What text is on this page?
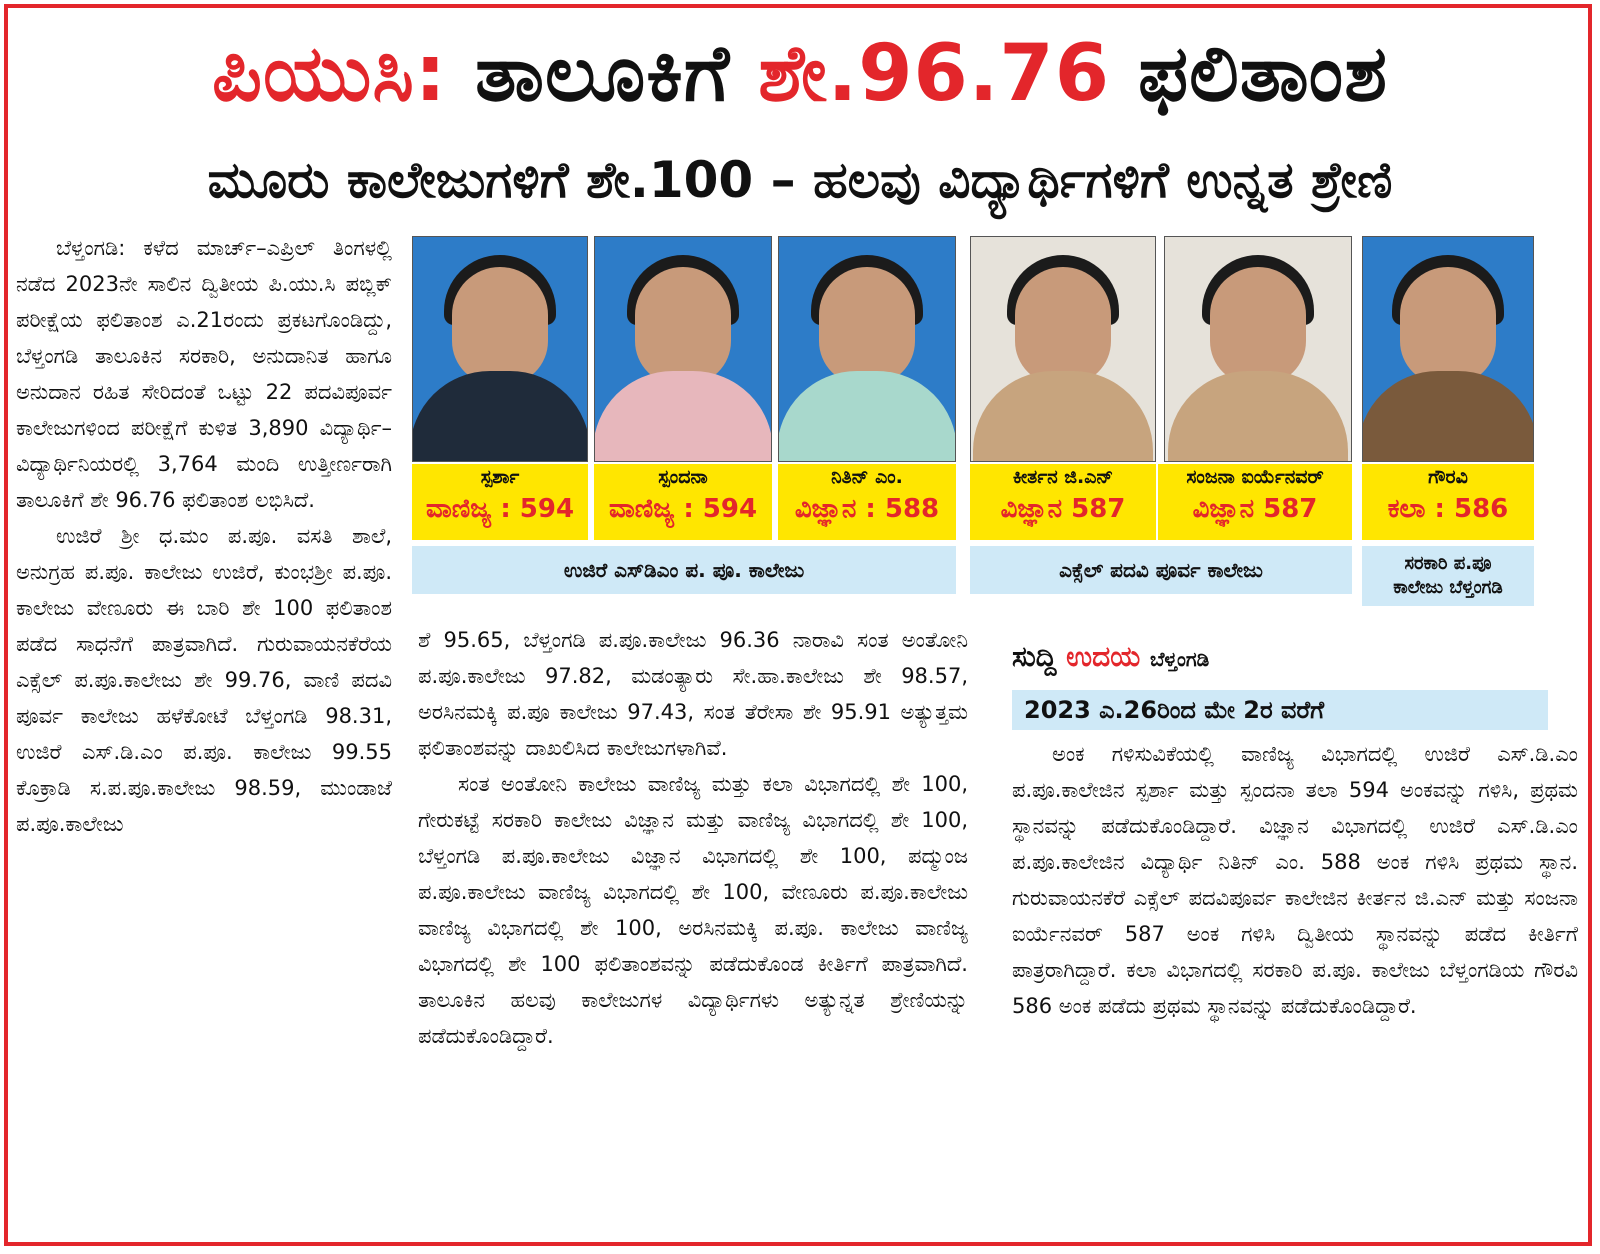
ಪಿಯುಸಿ:
ತಾಲೂಕಿಗೆ
ಶೇ.96.76
ಫಲಿತಾಂಶ
ಮೂರು ಕಾಲೇಜುಗಳಿಗೆ ಶೇ.100 – ಹಲವು ವಿದ್ಯಾರ್ಥಿಗಳಿಗೆ ಉನ್ನತ ಶ್ರೇಣಿ

ಬೆಳ್ತಂಗಡಿ: ಕಳೆದ ಮಾರ್ಚ್–ಎಪ್ರಿಲ್ ತಿಂಗಳಲ್ಲಿ ನಡೆದ 2023ನೇ ಸಾಲಿನ ದ್ವಿತೀಯ ಪಿ.ಯು.ಸಿ ಪಬ್ಲಿಕ್ ಪರೀಕ್ಷೆಯ ಫಲಿತಾಂಶ ಎ.21ರಂದು ಪ್ರಕಟಗೊಂಡಿದ್ದು, ಬೆಳ್ತಂಗಡಿ ತಾಲೂಕಿನ ಸರಕಾರಿ, ಅನುದಾನಿತ ಹಾಗೂ ಅನುದಾನ ರಹಿತ ಸೇರಿದಂತೆ ಒಟ್ಟು 22 ಪದವಿಪೂರ್ವ ಕಾಲೇಜುಗಳಿಂದ ಪರೀಕ್ಷೆಗೆ ಕುಳಿತ 3,890 ವಿದ್ಯಾರ್ಥಿ–ವಿದ್ಯಾರ್ಥಿನಿಯರಲ್ಲಿ 3,764 ಮಂದಿ ಉತ್ತೀರ್ಣರಾಗಿ ತಾಲೂಕಿಗೆ ಶೇ 96.76 ಫಲಿತಾಂಶ ಲಭಿಸಿದೆ.

ಉಜಿರೆ ಶ್ರೀ ಧ.ಮಂ ಪ.ಪೂ. ವಸತಿ ಶಾಲೆ, ಅನುಗ್ರಹ ಪ.ಪೂ. ಕಾಲೇಜು ಉಜಿರೆ, ಕುಂಭಶ್ರೀ ಪ.ಪೂ. ಕಾಲೇಜು ವೇಣೂರು ಈ ಬಾರಿ ಶೇ 100 ಫಲಿತಾಂಶ ಪಡೆದ ಸಾಧನೆಗೆ ಪಾತ್ರವಾಗಿದೆ. ಗುರುವಾಯನಕೆರೆಯ ಎಕ್ಸೆಲ್ ಪ.ಪೂ.ಕಾಲೇಜು ಶೇ 99.76, ವಾಣಿ ಪದವಿ ಪೂರ್ವ ಕಾಲೇಜು ಹಳೆಕೋಟೆ ಬೆಳ್ತಂಗಡಿ 98.31, ಉಜಿರೆ ಎಸ್.ಡಿ.ಎಂ ಪ.ಪೂ. ಕಾಲೇಜು 99.55 ಕೊಕ್ರಾಡಿ ಸ.ಪ.ಪೂ.ಕಾಲೇಜು 98.59, ಮುಂಡಾಜೆ ಪ.ಪೂ.ಕಾಲೇಜು

ಸ್ಪರ್ಶಾ
ವಾಣಿಜ್ಯ : 594
ಸ್ಪಂದನಾ
ವಾಣಿಜ್ಯ : 594
ನಿತಿನ್ ಎಂ.
ವಿಜ್ಞಾನ : 588
ಕೀರ್ತನ ಜಿ.ಎನ್
ವಿಜ್ಞಾನ 587
ಸಂಜನಾ ಐರ್ಯೆನವರ್
ವಿಜ್ಞಾನ 587
ಗೌರವಿ
ಕಲಾ : 586
ಉಜಿರೆ ಎಸ್‌ಡಿಎಂ ಪ. ಪೂ. ಕಾಲೇಜು	ಎಕ್ಸೆಲ್ ಪದವಿ ಪೂರ್ವ ಕಾಲೇಜು	ಸರಕಾರಿ ಪ.ಪೂ
ಕಾಲೇಜು ಬೆಳ್ತಂಗಡಿ

ಶೆ 95.65, ಬೆಳ್ತಂಗಡಿ ಪ.ಪೂ.ಕಾಲೇಜು 96.36 ನಾರಾವಿ ಸಂತ ಅಂತೋನಿ ಪ.ಪೂ.ಕಾಲೇಜು 97.82, ಮಡಂತ್ಯಾರು ಸೇ.ಹಾ.ಕಾಲೇಜು ಶೇ 98.57, ಅರಸಿನಮಕ್ಕಿ ಪ.ಪೂ ಕಾಲೇಜು 97.43, ಸಂತ ತೆರೇಸಾ ಶೇ 95.91 ಅತ್ಯುತ್ತಮ ಫಲಿತಾಂಶವನ್ನು ದಾಖಲಿಸಿದ ಕಾಲೇಜುಗಳಾಗಿವೆ.

ಸಂತ ಅಂತೋನಿ ಕಾಲೇಜು ವಾಣಿಜ್ಯ ಮತ್ತು ಕಲಾ ವಿಭಾಗದಲ್ಲಿ ಶೇ 100, ಗೇರುಕಟ್ಟೆ ಸರಕಾರಿ ಕಾಲೇಜು ವಿಜ್ಞಾನ ಮತ್ತು ವಾಣಿಜ್ಯ ವಿಭಾಗದಲ್ಲಿ ಶೇ 100, ಬೆಳ್ತಂಗಡಿ ಪ.ಪೂ.ಕಾಲೇಜು ವಿಜ್ಞಾನ ವಿಭಾಗದಲ್ಲಿ ಶೇ 100, ಪದ್ಮುಂಜ ಪ.ಪೂ.ಕಾಲೇಜು ವಾಣಿಜ್ಯ ವಿಭಾಗದಲ್ಲಿ ಶೇ 100, ವೇಣೂರು ಪ.ಪೂ.ಕಾಲೇಜು ವಾಣಿಜ್ಯ ವಿಭಾಗದಲ್ಲಿ ಶೇ 100, ಅರಸಿನಮಕ್ಕಿ ಪ.ಪೂ. ಕಾಲೇಜು ವಾಣಿಜ್ಯ ವಿಭಾಗದಲ್ಲಿ ಶೇ 100 ಫಲಿತಾಂಶವನ್ನು ಪಡೆದುಕೊಂಡ ಕೀರ್ತಿಗೆ ಪಾತ್ರವಾಗಿದೆ. ತಾಲೂಕಿನ ಹಲವು ಕಾಲೇಜುಗಳ ವಿದ್ಯಾರ್ಥಿಗಳು ಅತ್ಯುನ್ನತ ಶ್ರೇಣಿಯನ್ನು ಪಡೆದುಕೊಂಡಿದ್ದಾರೆ.

ಸುದ್ದಿ ಉದಯ ಬೆಳ್ತಂಗಡಿ
2023 ಎ.26ರಿಂದ ಮೇ 2ರ ವರೆಗೆ

ಅಂಕ ಗಳಿಸುವಿಕೆಯಲ್ಲಿ ವಾಣಿಜ್ಯ ವಿಭಾಗದಲ್ಲಿ ಉಜಿರೆ ಎಸ್.ಡಿ.ಎಂ ಪ.ಪೂ.ಕಾಲೇಜಿನ ಸ್ಪರ್ಶಾ ಮತ್ತು ಸ್ಪಂದನಾ ತಲಾ 594 ಅಂಕವನ್ನು ಗಳಿಸಿ, ಪ್ರಥಮ ಸ್ಥಾನವನ್ನು ಪಡೆದುಕೊಂಡಿದ್ದಾರೆ. ವಿಜ್ಞಾನ ವಿಭಾಗದಲ್ಲಿ ಉಜಿರೆ ಎಸ್.ಡಿ.ಎಂ ಪ.ಪೂ.ಕಾಲೇಜಿನ ವಿದ್ಯಾರ್ಥಿ ನಿತಿನ್ ಎಂ. 588 ಅಂಕ ಗಳಿಸಿ ಪ್ರಥಮ ಸ್ಥಾನ. ಗುರುವಾಯನಕೆರೆ ಎಕ್ಸೆಲ್ ಪದವಿಪೂರ್ವ ಕಾಲೇಜಿನ ಕೀರ್ತನ ಜಿ.ಎನ್ ಮತ್ತು ಸಂಜನಾ ಐರ್ಯೆನವರ್ 587 ಅಂಕ ಗಳಿಸಿ ದ್ವಿತೀಯ ಸ್ಥಾನವನ್ನು ಪಡೆದ ಕೀರ್ತಿಗೆ ಪಾತ್ರರಾಗಿದ್ದಾರೆ. ಕಲಾ ವಿಭಾಗದಲ್ಲಿ ಸರಕಾರಿ ಪ.ಪೂ. ಕಾಲೇಜು ಬೆಳ್ತಂಗಡಿಯ ಗೌರವಿ 586 ಅಂಕ ಪಡೆದು ಪ್ರಥಮ ಸ್ಥಾನವನ್ನು ಪಡೆದುಕೊಂಡಿದ್ದಾರೆ.
